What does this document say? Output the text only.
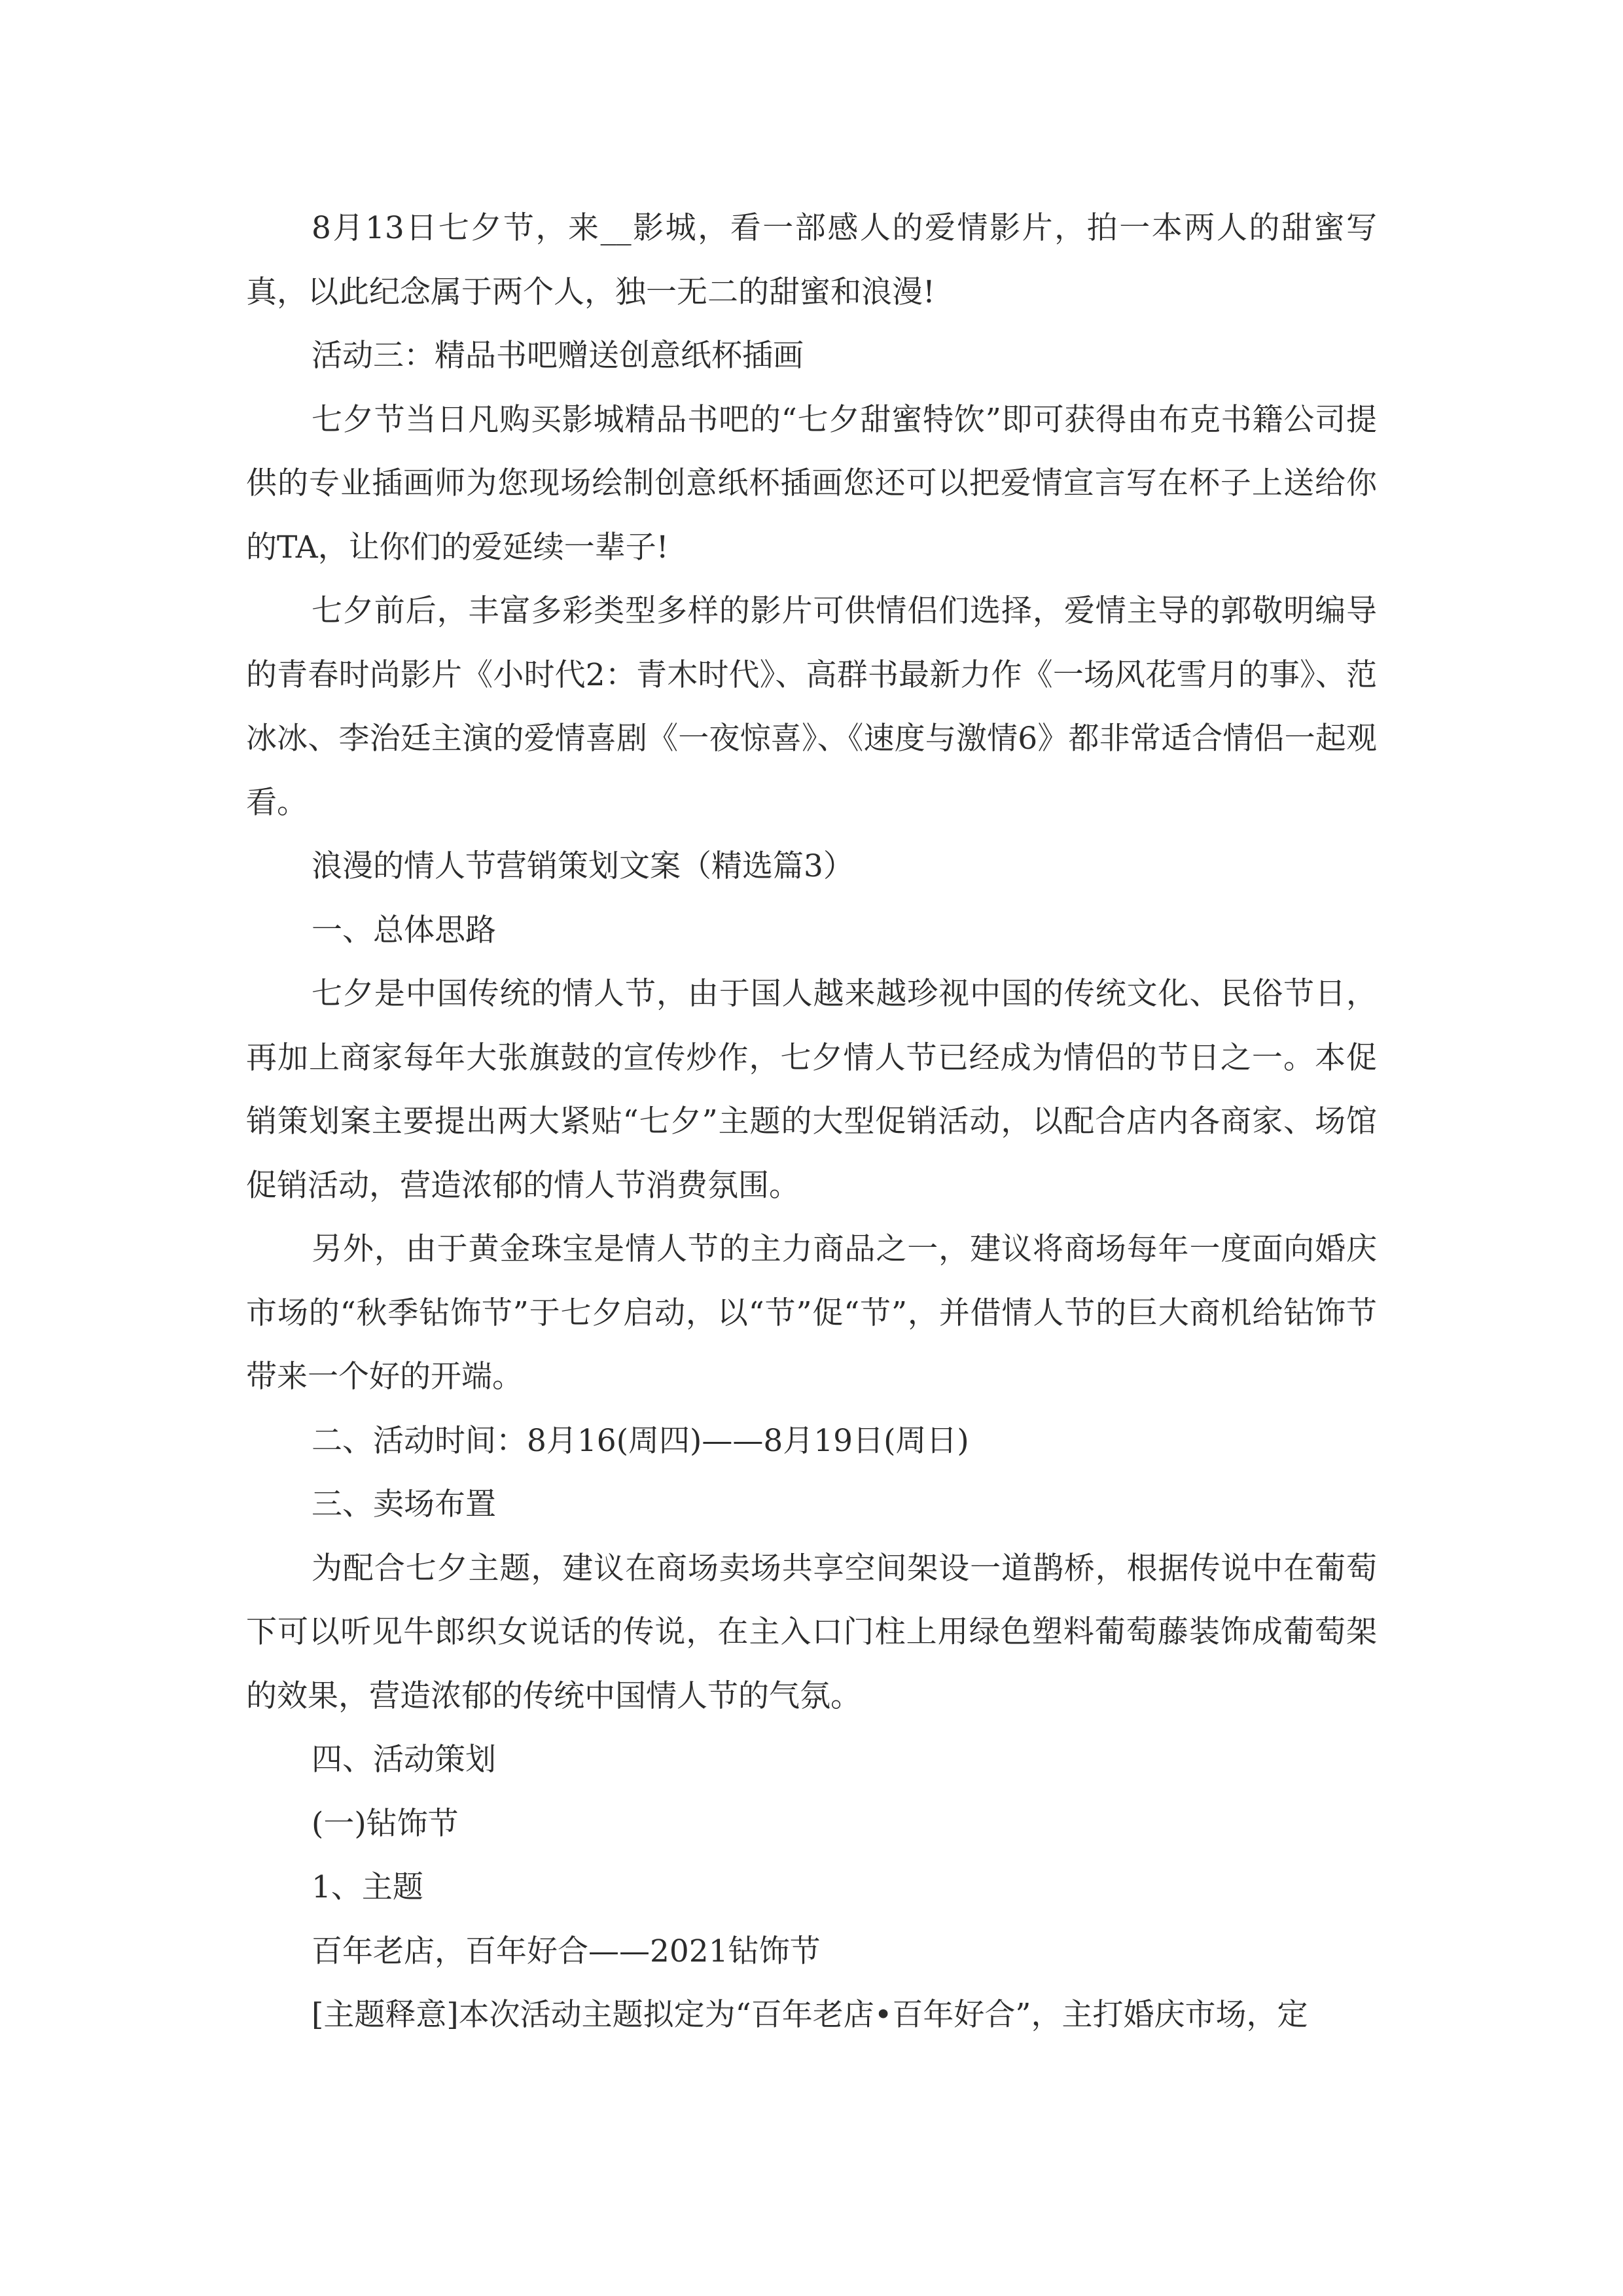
8月13日七夕节，来__影城，看一部感人的爱情影片，拍一本两人的甜蜜写真，以此纪念属于两个人，独一无二的甜蜜和浪漫!

活动三：精品书吧赠送创意纸杯插画

七夕节当日凡购买影城精品书吧的“七夕甜蜜特饮”即可获得由布克书籍公司提供的专业插画师为您现场绘制创意纸杯插画您还可以把爱情宣言写在杯子上送给你的TA，让你们的爱延续一辈子!

七夕前后，丰富多彩类型多样的影片可供情侣们选择，爱情主导的郭敬明编导的青春时尚影片《小时代2：青木时代》、高群书最新力作《一场风花雪月的事》、范冰冰、李治廷主演的爱情喜剧《一夜惊喜》、《速度与激情6》都非常适合情侣一起观看。

浪漫的情人节营销策划文案（精选篇3）

一、总体思路

七夕是中国传统的情人节，由于国人越来越珍视中国的传统文化、民俗节日，再加上商家每年大张旗鼓的宣传炒作，七夕情人节已经成为情侣的节日之一。本促销策划案主要提出两大紧贴“七夕”主题的大型促销活动，以配合店内各商家、场馆促销活动，营造浓郁的情人节消费氛围。

另外，由于黄金珠宝是情人节的主力商品之一，建议将商场每年一度面向婚庆市场的“秋季钻饰节”于七夕启动，以“节”促“节”，并借情人节的巨大商机给钻饰节带来一个好的开端。

二、活动时间：8月16(周四)——8月19日(周日)

三、卖场布置

为配合七夕主题，建议在商场卖场共享空间架设一道鹊桥，根据传说中在葡萄下可以听见牛郎织女说话的传说，在主入口门柱上用绿色塑料葡萄藤装饰成葡萄架的效果，营造浓郁的传统中国情人节的气氛。

四、活动策划

(一)钻饰节

1、主题

百年老店，百年好合——2021钻饰节

[主题释意]本次活动主题拟定为“百年老店•百年好合”，主打婚庆市场，定
